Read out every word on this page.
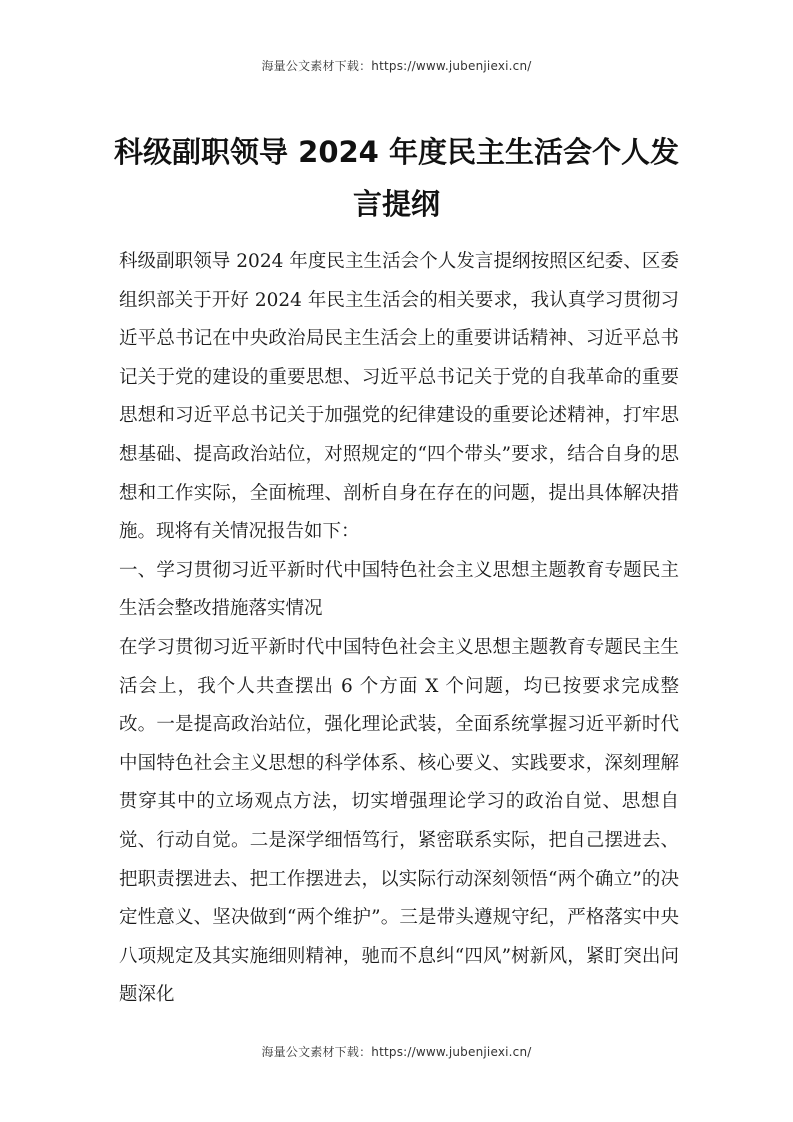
海量公文素材下载：https://www.jubenjiexi.cn/
科级副职领导 2024 年度民主生活会个人发
言提纲

科级副职领导 2024 年度民主生活会个人发言提纲按照区纪委、区委组织部关于开好 2024 年民主生活会的相关要求，我认真学习贯彻习近平总书记在中央政治局民主生活会上的重要讲话精神、习近平总书记关于党的建设的重要思想、习近平总书记关于党的自我革命的重要思想和习近平总书记关于加强党的纪律建设的重要论述精神，打牢思想基础、提高政治站位，对照规定的“四个带头”要求，结合自身的思想和工作实际，全面梳理、剖析自身在存在的问题，提出具体解决措施。现将有关情况报告如下：

一、学习贯彻习近平新时代中国特色社会主义思想主题教育专题民主生活会整改措施落实情况

在学习贯彻习近平新时代中国特色社会主义思想主题教育专题民主生活会上，我个人共查摆出 6 个方面 X 个问题，均已按要求完成整改。一是提高政治站位，强化理论武装，全面系统掌握习近平新时代中国特色社会主义思想的科学体系、核心要义、实践要求，深刻理解贯穿其中的立场观点方法，切实增强理论学习的政治自觉、思想自觉、行动自觉。二是深学细悟笃行，紧密联系实际，把自己摆进去、把职责摆进去、把工作摆进去，以实际行动深刻领悟“两个确立”的决定性意义、坚决做到“两个维护”。三是带头遵规守纪，严格落实中央八项规定及其实施细则精神，驰而不息纠“四风”树新风，紧盯突出问题深化

海量公文素材下载：https://www.jubenjiexi.cn/
